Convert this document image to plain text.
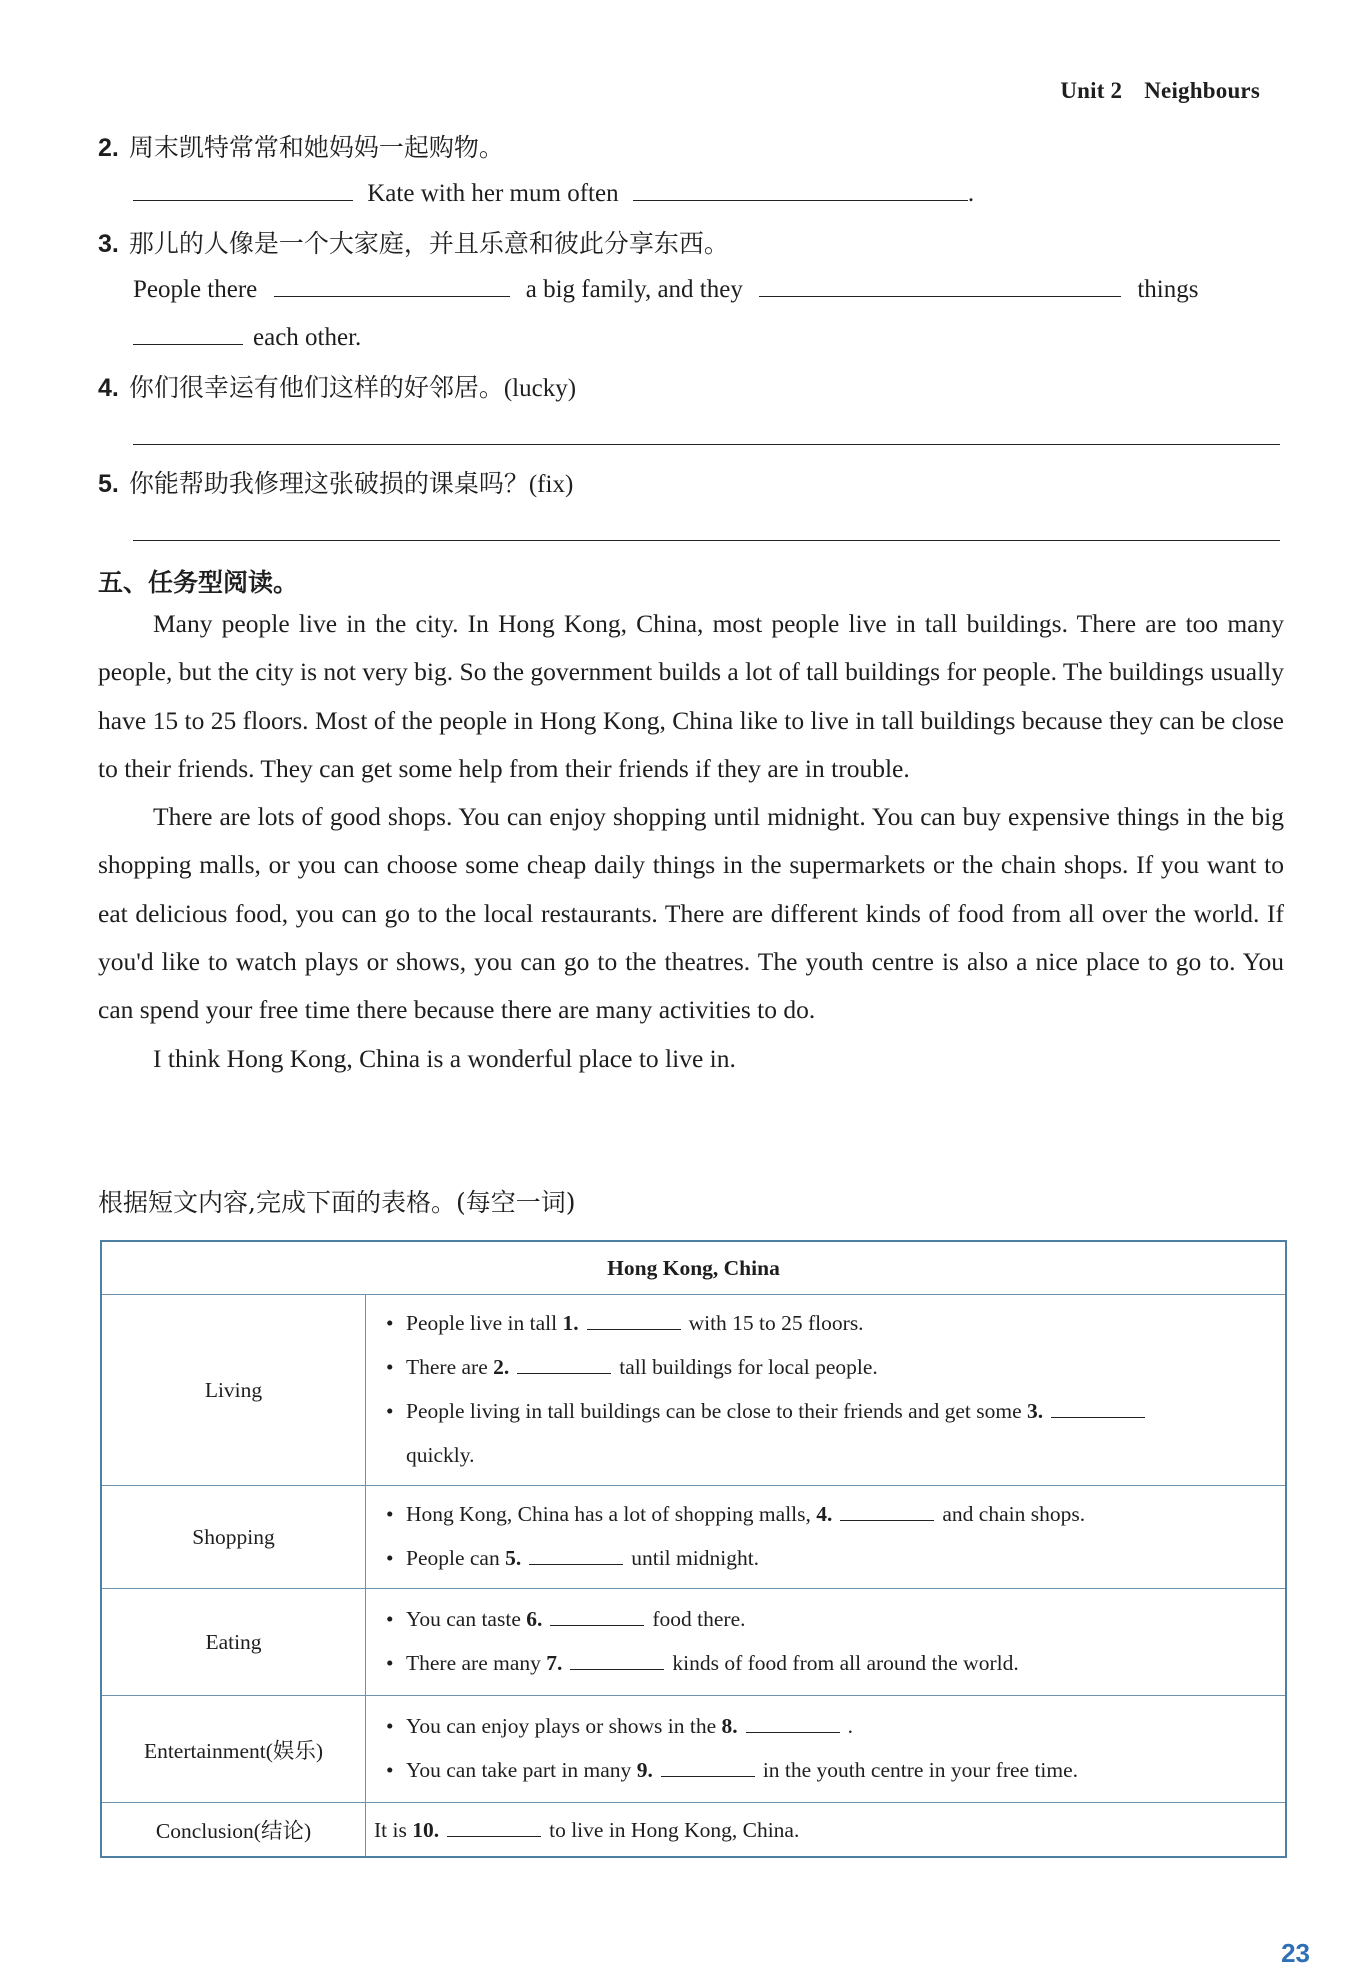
Unit 2 Neighbours
2. 周末凯特常常和她妈妈一起购物。
Kate with her mum often	.
3. 那儿的人像是一个大家庭，并且乐意和彼此分享东西。
People there	a big family, and they	things
each other.
4. 你们很幸运有他们这样的好邻居。(lucky)
5. 你能帮助我修理这张破损的课桌吗？(fix)
五、任务型阅读。

Many people live in the city. In Hong Kong, China, most people live in tall buildings. There are too many people, but the city is not very big. So the government builds a lot of tall buildings for people. The buildings usually have 15 to 25 floors. Most of the people in Hong Kong, China like to live in tall buildings because they can be close to their friends. They can get some help from their friends if they are in trouble.

There are lots of good shops. You can enjoy shopping until midnight. You can buy expensive things in the big shopping malls, or you can choose some cheap daily things in the supermarkets or the chain shops. If you want to eat delicious food, you can go to the local restaurants. There are different kinds of food from all over the world. If you'd like to watch plays or shows, you can go to the theatres. The youth centre is also a nice place to go to. You can spend your free time there because there are many activities to do.

I think Hong Kong, China is a wonderful place to live in.

根据短文内容,完成下面的表格。(每空一词)
Hong Kong, China	
Living	• People live in tall 1. with 15 to 25 floors.
• There are 2. tall buildings for local people.
• People living in tall buildings can be close to their friends and get some 3.
quickly.

Shopping	• Hong Kong, China has a lot of shopping malls, 4. and chain shops.
• People can 5. until midnight.

Eating	• You can taste 6. food there.
• There are many 7. kinds of food from all around the world.

Entertainment(娱乐)	• You can enjoy plays or shows in the 8. .
• You can take part in many 9. in the youth centre in your free time.

Conclusion(结论)	It is 10. to live in Hong Kong, China.
23
